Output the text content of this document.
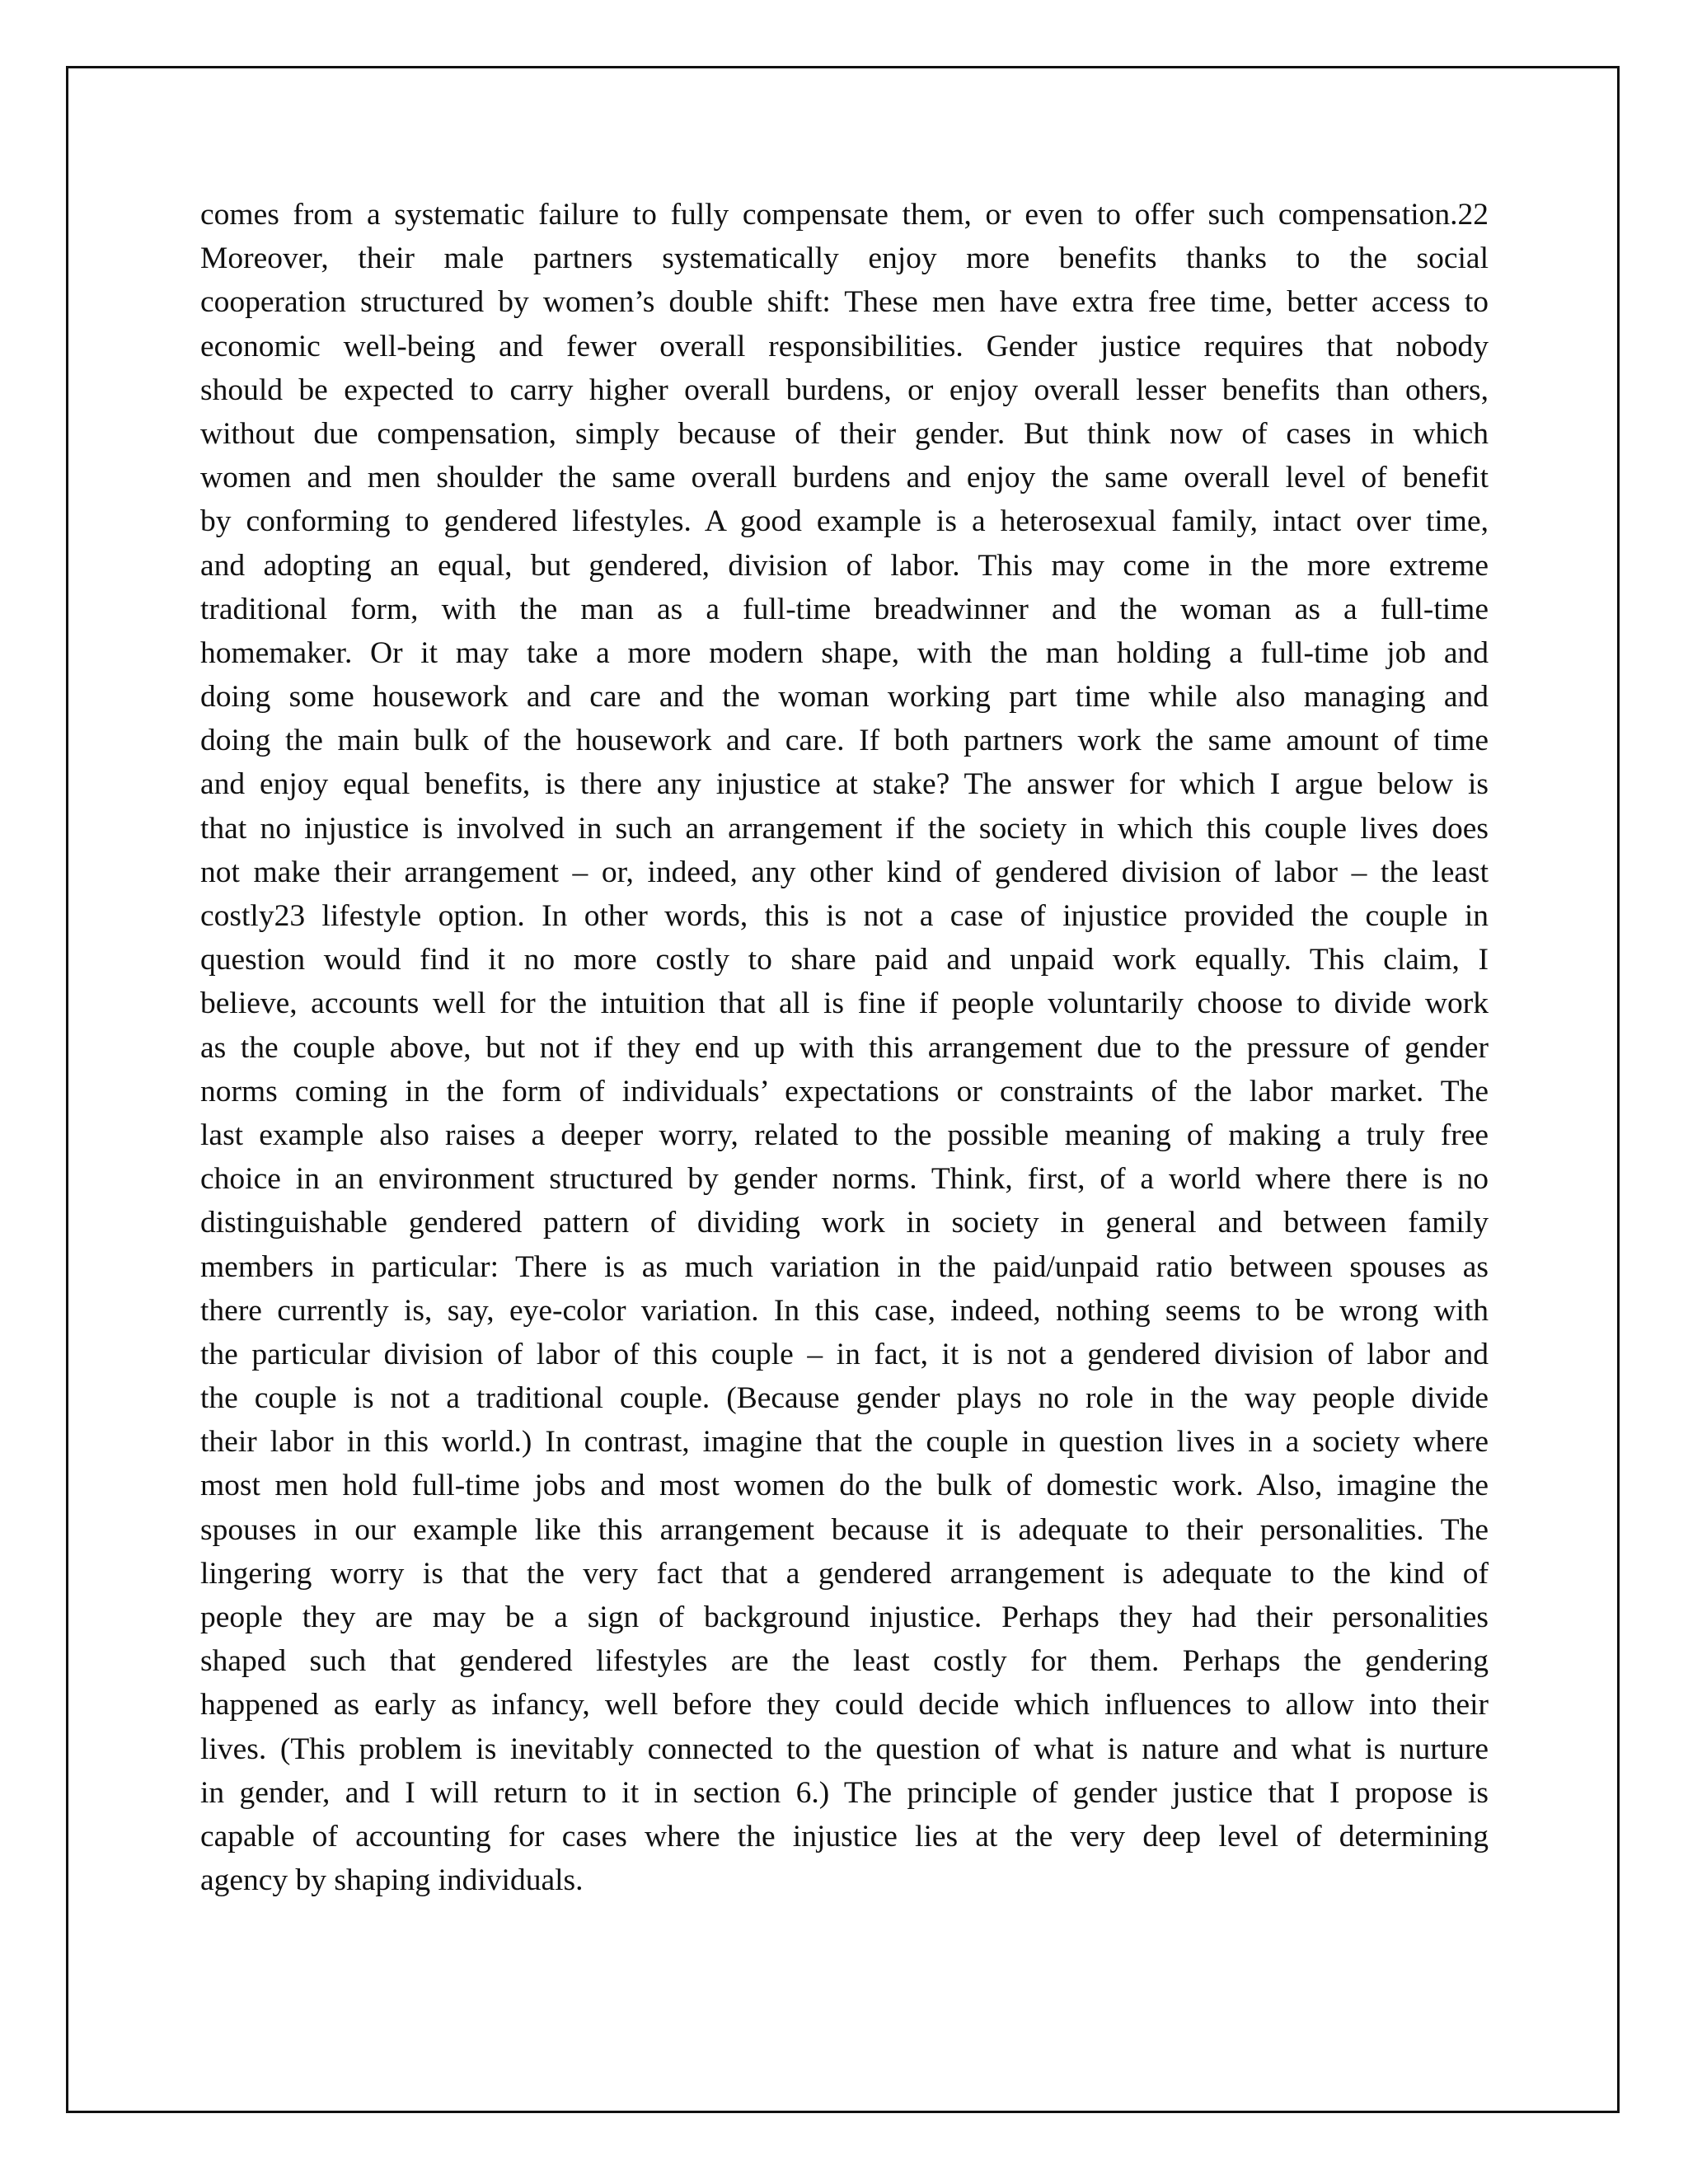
comes from a systematic failure to fully compensate them, or even to offer such compensation.22
Moreover, their male partners systematically enjoy more benefits thanks to the social
cooperation structured by women’s double shift: These men have extra free time, better access to
economic well-being and fewer overall responsibilities. Gender justice requires that nobody
should be expected to carry higher overall burdens, or enjoy overall lesser benefits than others,
without due compensation, simply because of their gender. But think now of cases in which
women and men shoulder the same overall burdens and enjoy the same overall level of benefit
by conforming to gendered lifestyles. A good example is a heterosexual family, intact over time,
and adopting an equal, but gendered, division of labor. This may come in the more extreme
traditional form, with the man as a full-time breadwinner and the woman as a full-time
homemaker. Or it may take a more modern shape, with the man holding a full-time job and
doing some housework and care and the woman working part time while also managing and
doing the main bulk of the housework and care. If both partners work the same amount of time
and enjoy equal benefits, is there any injustice at stake? The answer for which I argue below is
that no injustice is involved in such an arrangement if the society in which this couple lives does
not make their arrangement – or, indeed, any other kind of gendered division of labor – the least
costly23 lifestyle option. In other words, this is not a case of injustice provided the couple in
question would find it no more costly to share paid and unpaid work equally. This claim, I
believe, accounts well for the intuition that all is fine if people voluntarily choose to divide work
as the couple above, but not if they end up with this arrangement due to the pressure of gender
norms coming in the form of individuals’ expectations or constraints of the labor market. The
last example also raises a deeper worry, related to the possible meaning of making a truly free
choice in an environment structured by gender norms. Think, first, of a world where there is no
distinguishable gendered pattern of dividing work in society in general and between family
members in particular: There is as much variation in the paid/unpaid ratio between spouses as
there currently is, say, eye-color variation. In this case, indeed, nothing seems to be wrong with
the particular division of labor of this couple – in fact, it is not a gendered division of labor and
the couple is not a traditional couple. (Because gender plays no role in the way people divide
their labor in this world.) In contrast, imagine that the couple in question lives in a society where
most men hold full-time jobs and most women do the bulk of domestic work. Also, imagine the
spouses in our example like this arrangement because it is adequate to their personalities. The
lingering worry is that the very fact that a gendered arrangement is adequate to the kind of
people they are may be a sign of background injustice. Perhaps they had their personalities
shaped such that gendered lifestyles are the least costly for them. Perhaps the gendering
happened as early as infancy, well before they could decide which influences to allow into their
lives. (This problem is inevitably connected to the question of what is nature and what is nurture
in gender, and I will return to it in section 6.) The principle of gender justice that I propose is
capable of accounting for cases where the injustice lies at the very deep level of determining
agency by shaping individuals.
